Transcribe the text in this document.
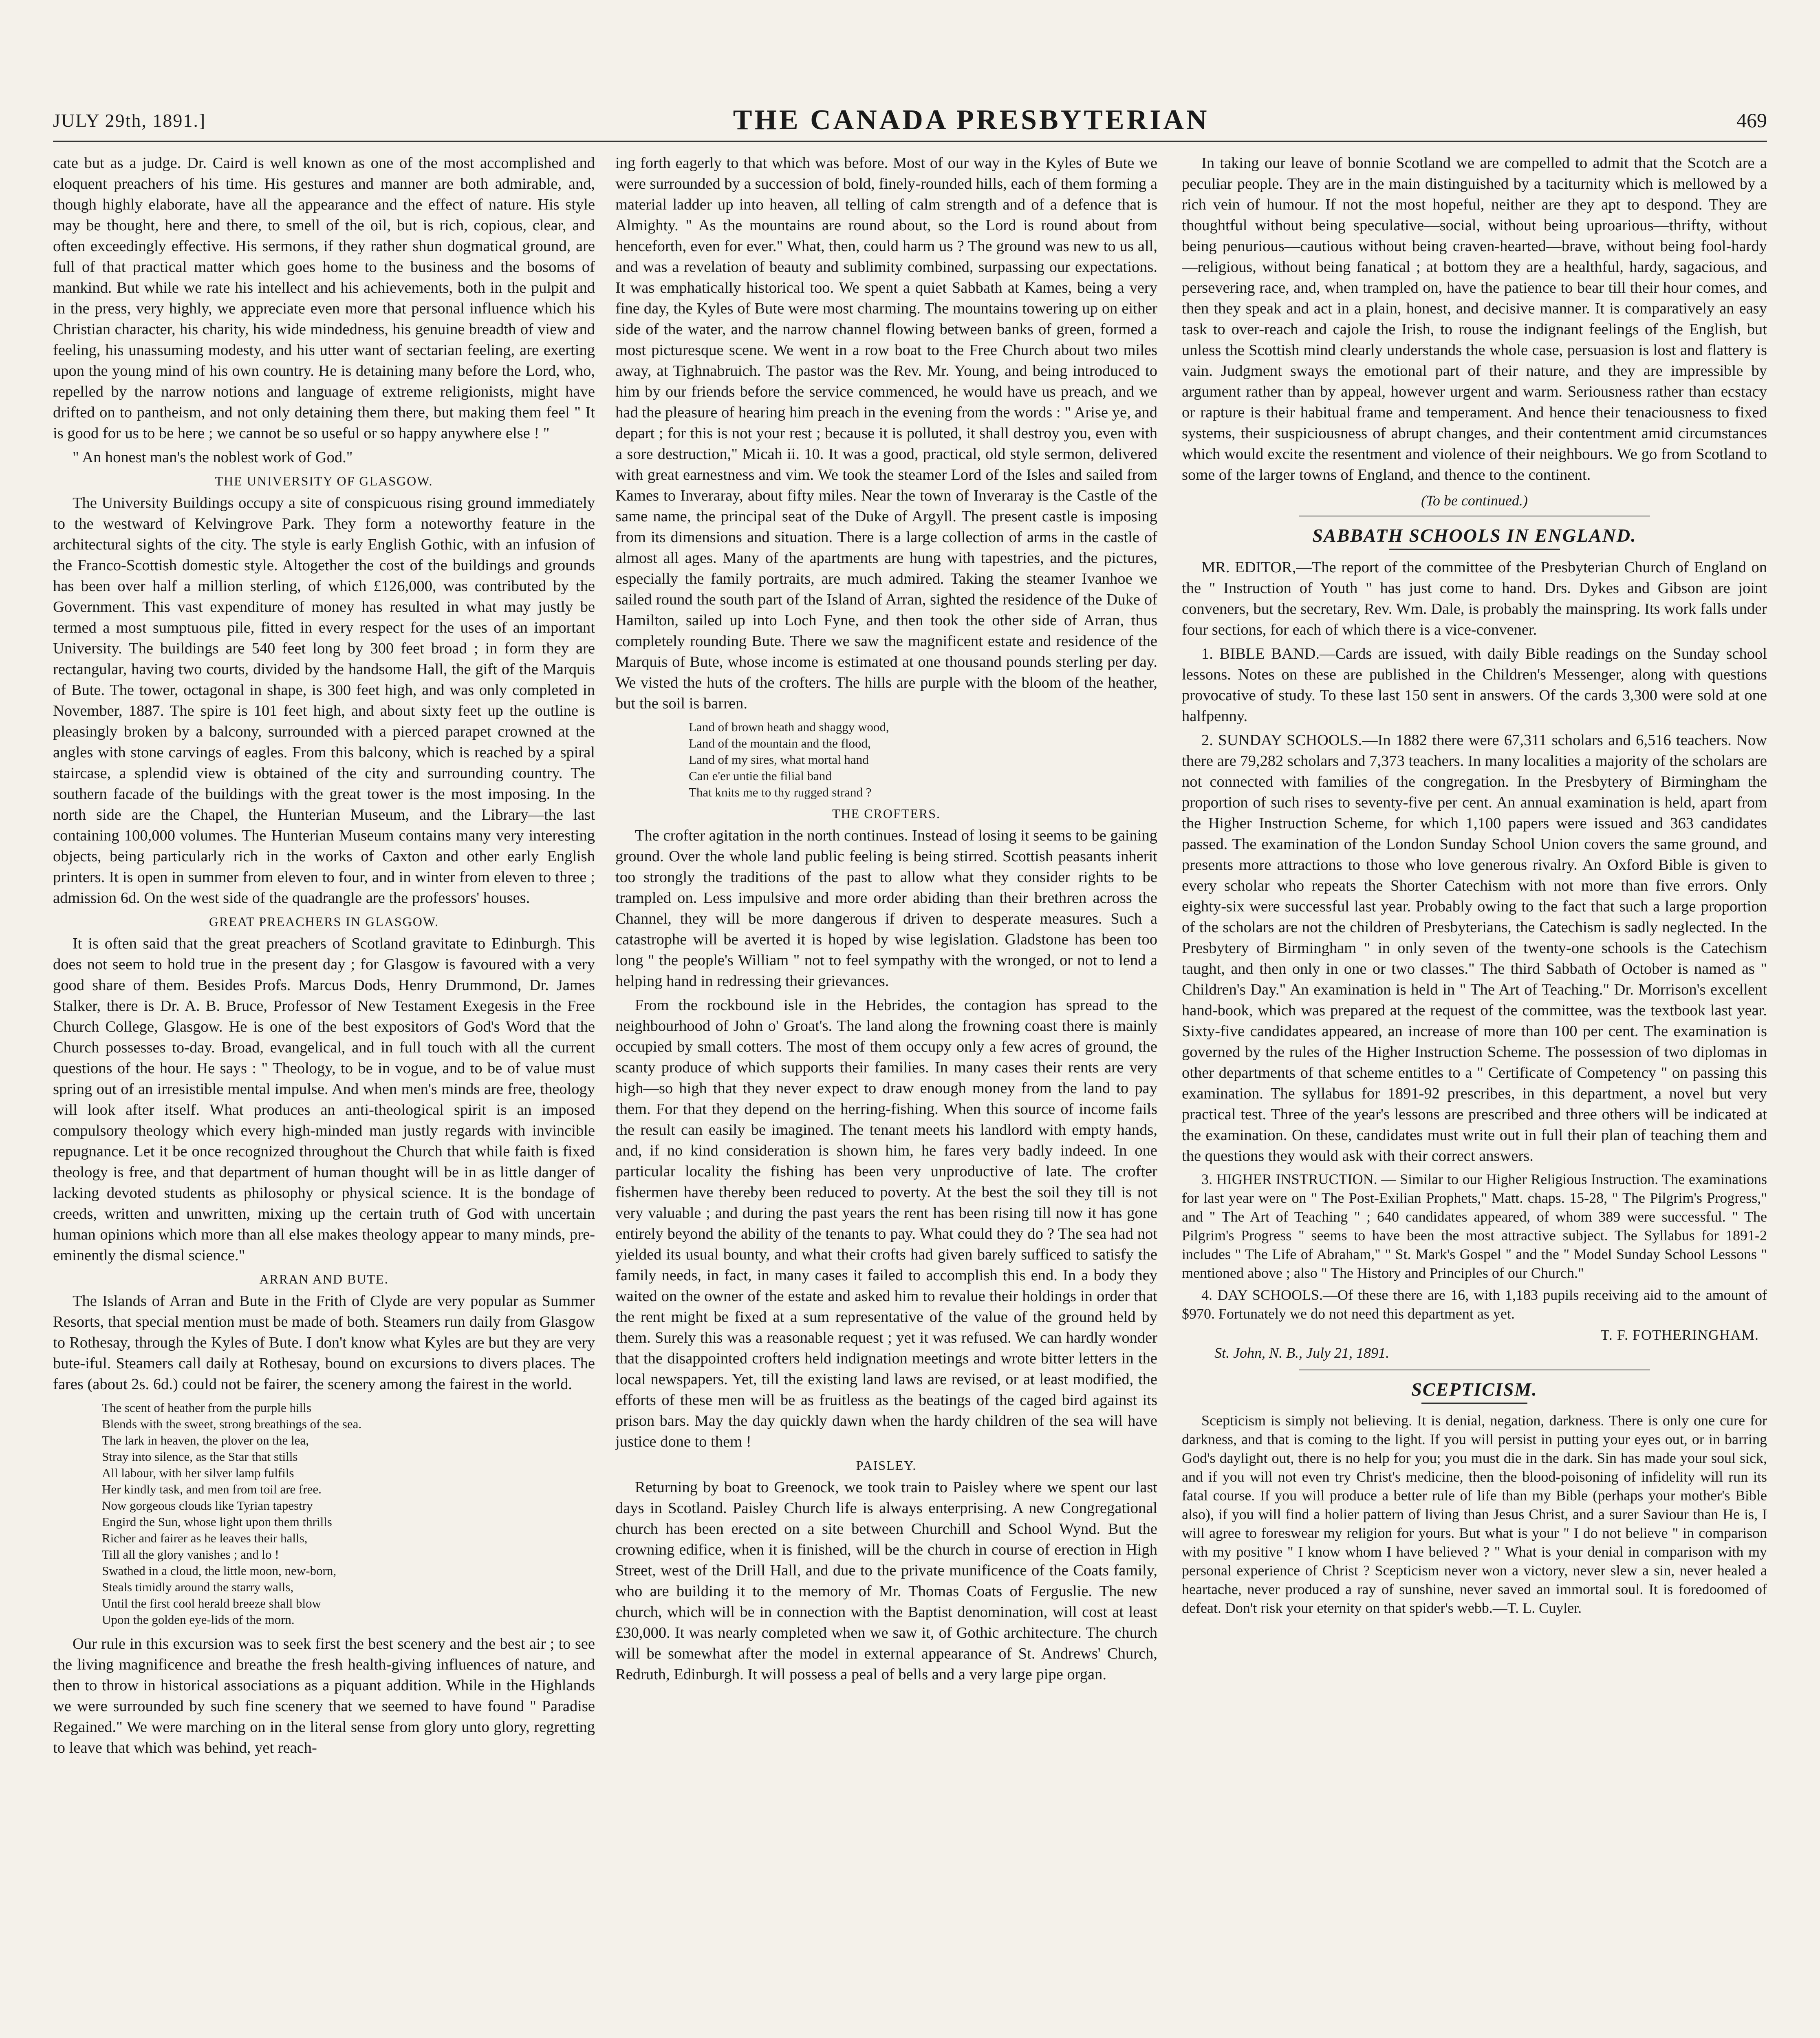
JULY 29th, 1891.]	THE CANADA PRESBYTERIAN	469

cate but as a judge. Dr. Caird is well known as one of the most accomplished and eloquent preachers of his time. His gestures and manner are both admirable, and, though highly elaborate, have all the appearance and the effect of nature. His style may be thought, here and there, to smell of the oil, but is rich, copious, clear, and often exceedingly effective. His sermons, if they rather shun dogmatical ground, are full of that practical matter which goes home to the business and the bosoms of mankind. But while we rate his intellect and his achievements, both in the pulpit and in the press, very highly, we appreciate even more that personal influence which his Christian character, his charity, his wide mindedness, his genuine breadth of view and feeling, his unassuming modesty, and his utter want of sectarian feeling, are exerting upon the young mind of his own country. He is detaining many before the Lord, who, repelled by the narrow notions and language of extreme religionists, might have drifted on to pantheism, and not only detaining them there, but making them feel " It is good for us to be here ; we cannot be so useful or so happy anywhere else ! "

" An honest man's the noblest work of God."

THE UNIVERSITY OF GLASGOW.

The University Buildings occupy a site of conspicuous rising ground immediately to the westward of Kelvingrove Park. They form a noteworthy feature in the architectural sights of the city. The style is early English Gothic, with an infusion of the Franco-Scottish domestic style. Altogether the cost of the buildings and grounds has been over half a million sterling, of which £126,000, was contributed by the Government. This vast expenditure of money has resulted in what may justly be termed a most sumptuous pile, fitted in every respect for the uses of an important University. The buildings are 540 feet long by 300 feet broad ; in form they are rectangular, having two courts, divided by the handsome Hall, the gift of the Marquis of Bute. The tower, octagonal in shape, is 300 feet high, and was only completed in November, 1887. The spire is 101 feet high, and about sixty feet up the outline is pleasingly broken by a balcony, surrounded with a pierced parapet crowned at the angles with stone carvings of eagles. From this balcony, which is reached by a spiral staircase, a splendid view is obtained of the city and surrounding country. The southern facade of the buildings with the great tower is the most imposing. In the north side are the Chapel, the Hunterian Museum, and the Library—the last containing 100,000 volumes. The Hunterian Museum contains many very interesting objects, being particularly rich in the works of Caxton and other early English printers. It is open in summer from eleven to four, and in winter from eleven to three ; admission 6d. On the west side of the quadrangle are the professors' houses.

GREAT PREACHERS IN GLASGOW.

It is often said that the great preachers of Scotland gravitate to Edinburgh. This does not seem to hold true in the present day ; for Glasgow is favoured with a very good share of them. Besides Profs. Marcus Dods, Henry Drummond, Dr. James Stalker, there is Dr. A. B. Bruce, Professor of New Testament Exegesis in the Free Church College, Glasgow. He is one of the best expositors of God's Word that the Church possesses to-day. Broad, evangelical, and in full touch with all the current questions of the hour. He says : " Theology, to be in vogue, and to be of value must spring out of an irresistible mental impulse. And when men's minds are free, theology will look after itself. What produces an anti-theological spirit is an imposed compulsory theology which every high-minded man justly regards with invincible repugnance. Let it be once recognized throughout the Church that while faith is fixed theology is free, and that department of human thought will be in as little danger of lacking devoted students as philosophy or physical science. It is the bondage of creeds, written and unwritten, mixing up the certain truth of God with uncertain human opinions which more than all else makes theology appear to many minds, pre-eminently the dismal science."

ARRAN AND BUTE.

The Islands of Arran and Bute in the Frith of Clyde are very popular as Summer Resorts, that special mention must be made of both. Steamers run daily from Glasgow to Rothesay, through the Kyles of Bute. I don't know what Kyles are but they are very bute-iful. Steamers call daily at Rothesay, bound on excursions to divers places. The fares (about 2s. 6d.) could not be fairer, the scenery among the fairest in the world.

The scent of heather from the purple hills
Blends with the sweet, strong breathings of the sea.
The lark in heaven, the plover on the lea,
Stray into silence, as the Star that stills
All labour, with her silver lamp fulfils
Her kindly task, and men from toil are free.
Now gorgeous clouds like Tyrian tapestry
Engird the Sun, whose light upon them thrills
Richer and fairer as he leaves their halls,
Till all the glory vanishes ; and lo !
Swathed in a cloud, the little moon, new-born,
Steals timidly around the starry walls,
Until the first cool herald breeze shall blow
Upon the golden eye-lids of the morn.

Our rule in this excursion was to seek first the best scenery and the best air ; to see the living magnificence and breathe the fresh health-giving influences of nature, and then to throw in historical associations as a piquant addition. While in the Highlands we were surrounded by such fine scenery that we seemed to have found " Paradise Regained." We were marching on in the literal sense from glory unto glory, regretting to leave that which was behind, yet reach-

ing forth eagerly to that which was before. Most of our way in the Kyles of Bute we were surrounded by a succession of bold, finely-rounded hills, each of them forming a material ladder up into heaven, all telling of calm strength and of a defence that is Almighty. " As the mountains are round about, so the Lord is round about from henceforth, even for ever." What, then, could harm us ? The ground was new to us all, and was a revelation of beauty and sublimity combined, surpassing our expectations. It was emphatically historical too. We spent a quiet Sabbath at Kames, being a very fine day, the Kyles of Bute were most charming. The mountains towering up on either side of the water, and the narrow channel flowing between banks of green, formed a most picturesque scene. We went in a row boat to the Free Church about two miles away, at Tighnabruich. The pastor was the Rev. Mr. Young, and being introduced to him by our friends before the service commenced, he would have us preach, and we had the pleasure of hearing him preach in the evening from the words : " Arise ye, and depart ; for this is not your rest ; because it is polluted, it shall destroy you, even with a sore destruction," Micah ii. 10. It was a good, practical, old style sermon, delivered with great earnestness and vim. We took the steamer Lord of the Isles and sailed from Kames to Inveraray, about fifty miles. Near the town of Inveraray is the Castle of the same name, the principal seat of the Duke of Argyll. The present castle is imposing from its dimensions and situation. There is a large collection of arms in the castle of almost all ages. Many of the apartments are hung with tapestries, and the pictures, especially the family portraits, are much admired. Taking the steamer Ivanhoe we sailed round the south part of the Island of Arran, sighted the residence of the Duke of Hamilton, sailed up into Loch Fyne, and then took the other side of Arran, thus completely rounding Bute. There we saw the magnificent estate and residence of the Marquis of Bute, whose income is estimated at one thousand pounds sterling per day. We visted the huts of the crofters. The hills are purple with the bloom of the heather, but the soil is barren.

Land of brown heath and shaggy wood,
Land of the mountain and the flood,
Land of my sires, what mortal hand
Can e'er untie the filial band
That knits me to thy rugged strand ?
THE CROFTERS.

The crofter agitation in the north continues. Instead of losing it seems to be gaining ground. Over the whole land public feeling is being stirred. Scottish peasants inherit too strongly the traditions of the past to allow what they consider rights to be trampled on. Less impulsive and more order abiding than their brethren across the Channel, they will be more dangerous if driven to desperate measures. Such a catastrophe will be averted it is hoped by wise legislation. Gladstone has been too long " the people's William " not to feel sympathy with the wronged, or not to lend a helping hand in redressing their grievances.

From the rockbound isle in the Hebrides, the contagion has spread to the neighbourhood of John o' Groat's. The land along the frowning coast there is mainly occupied by small cotters. The most of them occupy only a few acres of ground, the scanty produce of which supports their families. In many cases their rents are very high—so high that they never expect to draw enough money from the land to pay them. For that they depend on the herring-fishing. When this source of income fails the result can easily be imagined. The tenant meets his landlord with empty hands, and, if no kind consideration is shown him, he fares very badly indeed. In one particular locality the fishing has been very unproductive of late. The crofter fishermen have thereby been reduced to poverty. At the best the soil they till is not very valuable ; and during the past years the rent has been rising till now it has gone entirely beyond the ability of the tenants to pay. What could they do ? The sea had not yielded its usual bounty, and what their crofts had given barely sufficed to satisfy the family needs, in fact, in many cases it failed to accomplish this end. In a body they waited on the owner of the estate and asked him to revalue their holdings in order that the rent might be fixed at a sum representative of the value of the ground held by them. Surely this was a reasonable request ; yet it was refused. We can hardly wonder that the disappointed crofters held indignation meetings and wrote bitter letters in the local newspapers. Yet, till the existing land laws are revised, or at least modified, the efforts of these men will be as fruitless as the beatings of the caged bird against its prison bars. May the day quickly dawn when the hardy children of the sea will have justice done to them !

PAISLEY.

Returning by boat to Greenock, we took train to Paisley where we spent our last days in Scotland. Paisley Church life is always enterprising. A new Congregational church has been erected on a site between Churchill and School Wynd. But the crowning edifice, when it is finished, will be the church in course of erection in High Street, west of the Drill Hall, and due to the private munificence of the Coats family, who are building it to the memory of Mr. Thomas Coats of Ferguslie. The new church, which will be in connection with the Baptist denomination, will cost at least £30,000. It was nearly completed when we saw it, of Gothic architecture. The church will be somewhat after the model in external appearance of St. Andrews' Church, Redruth, Edinburgh. It will possess a peal of bells and a very large pipe organ.

In taking our leave of bonnie Scotland we are compelled to admit that the Scotch are a peculiar people. They are in the main distinguished by a taciturnity which is mellowed by a rich vein of humour. If not the most hopeful, neither are they apt to despond. They are thoughtful without being speculative—social, without being uproarious—thrifty, without being penurious—cautious without being craven-hearted—brave, without being fool-hardy—religious, without being fanatical ; at bottom they are a healthful, hardy, sagacious, and persevering race, and, when trampled on, have the patience to bear till their hour comes, and then they speak and act in a plain, honest, and decisive manner. It is comparatively an easy task to over-reach and cajole the Irish, to rouse the indignant feelings of the English, but unless the Scottish mind clearly understands the whole case, persuasion is lost and flattery is vain. Judgment sways the emotional part of their nature, and they are impressible by argument rather than by appeal, however urgent and warm. Seriousness rather than ecstacy or rapture is their habitual frame and temperament. And hence their tenaciousness to fixed systems, their suspiciousness of abrupt changes, and their contentment amid circumstances which would excite the resentment and violence of their neighbours. We go from Scotland to some of the larger towns of England, and thence to the continent.

(To be continued.)
SABBATH SCHOOLS IN ENGLAND.

MR. EDITOR,—The report of the committee of the Presbyterian Church of England on the " Instruction of Youth " has just come to hand. Drs. Dykes and Gibson are joint conveners, but the secretary, Rev. Wm. Dale, is probably the mainspring. Its work falls under four sections, for each of which there is a vice-convener.

1. BIBLE BAND.—Cards are issued, with daily Bible readings on the Sunday school lessons. Notes on these are published in the Children's Messenger, along with questions provocative of study. To these last 150 sent in answers. Of the cards 3,300 were sold at one halfpenny.

2. SUNDAY SCHOOLS.—In 1882 there were 67,311 scholars and 6,516 teachers. Now there are 79,282 scholars and 7,373 teachers. In many localities a majority of the scholars are not connected with families of the congregation. In the Presbytery of Birmingham the proportion of such rises to seventy-five per cent. An annual examination is held, apart from the Higher Instruction Scheme, for which 1,100 papers were issued and 363 candidates passed. The examination of the London Sunday School Union covers the same ground, and presents more attractions to those who love generous rivalry. An Oxford Bible is given to every scholar who repeats the Shorter Catechism with not more than five errors. Only eighty-six were successful last year. Probably owing to the fact that such a large proportion of the scholars are not the children of Presbyterians, the Catechism is sadly neglected. In the Presbytery of Birmingham " in only seven of the twenty-one schools is the Catechism taught, and then only in one or two classes." The third Sabbath of October is named as " Children's Day." An examination is held in " The Art of Teaching." Dr. Morrison's excellent hand-book, which was prepared at the request of the committee, was the textbook last year. Sixty-five candidates appeared, an increase of more than 100 per cent. The examination is governed by the rules of the Higher Instruction Scheme. The possession of two diplomas in other departments of that scheme entitles to a " Certificate of Competency " on passing this examination. The syllabus for 1891-92 prescribes, in this department, a novel but very practical test. Three of the year's lessons are prescribed and three others will be indicated at the examination. On these, candidates must write out in full their plan of teaching them and the questions they would ask with their correct answers.

3. HIGHER INSTRUCTION. — Similar to our Higher Religious Instruction. The examinations for last year were on " The Post-Exilian Prophets," Matt. chaps. 15-28, " The Pilgrim's Progress," and " The Art of Teaching " ; 640 candidates appeared, of whom 389 were successful. " The Pilgrim's Progress " seems to have been the most attractive subject. The Syllabus for 1891-2 includes " The Life of Abraham," " St. Mark's Gospel " and the " Model Sunday School Lessons " mentioned above ; also " The History and Principles of our Church."

4. DAY SCHOOLS.—Of these there are 16, with 1,183 pupils receiving aid to the amount of $970. Fortunately we do not need this department as yet.

T. F. FOTHERINGHAM.
St. John, N. B., July 21, 1891.
SCEPTICISM.

Scepticism is simply not believing. It is denial, negation, darkness. There is only one cure for darkness, and that is coming to the light. If you will persist in putting your eyes out, or in barring God's daylight out, there is no help for you; you must die in the dark. Sin has made your soul sick, and if you will not even try Christ's medicine, then the blood-poisoning of infidelity will run its fatal course. If you will produce a better rule of life than my Bible (perhaps your mother's Bible also), if you will find a holier pattern of living than Jesus Christ, and a surer Saviour than He is, I will agree to foreswear my religion for yours. But what is your " I do not believe " in comparison with my positive " I know whom I have believed ? " What is your denial in comparison with my personal experience of Christ ? Scepticism never won a victory, never slew a sin, never healed a heartache, never produced a ray of sunshine, never saved an immortal soul. It is foredoomed of defeat. Don't risk your eternity on that spider's webb.—T. L. Cuyler.
